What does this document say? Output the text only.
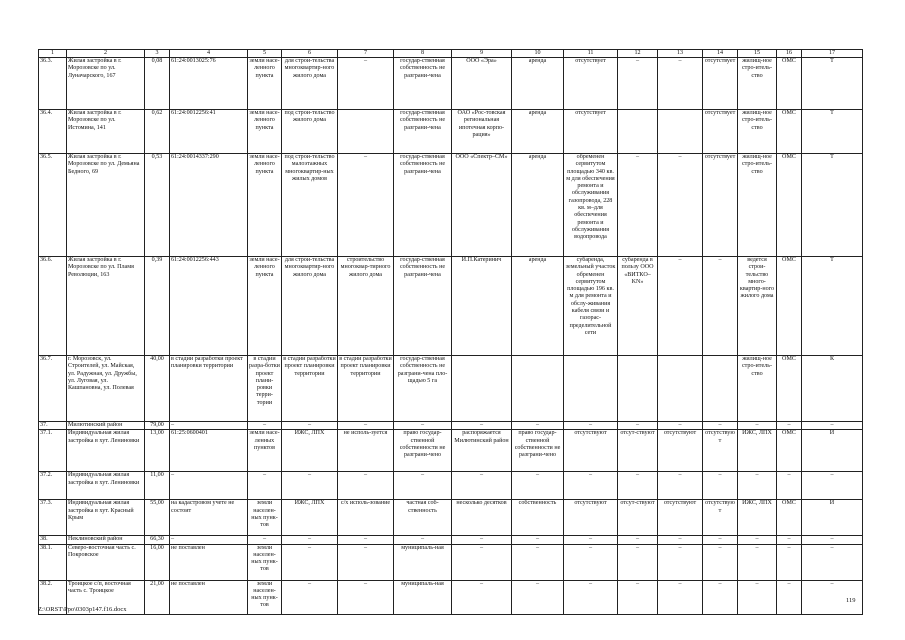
1	2	3	4	5	6	7	8	9	10	11	12	13	14	15	16	17
36.3.	Жилая застройка в г. Морозовске по ул. Луначарского, 167	0,08	61:24:0013025:76	земли насе-ленного пункта	для строи-тельства многоквартир-ного жилого дома	–	государ-ственная собственность не разграни-чена	ООО «Эра»	аренда	отсутствует	–	–	отсутствует	жилищ-ное стро-итель-ство	ОМС	Т
36.4.	Жилая застройка в г. Морозовске по ул. Истомина, 141	0,62	61:24:0012256:41	земли насе-ленного пункта	под строи-тельство жилого дома		государ-ственная собственность не разграни-чена	ОАО «Рос-товская региональная ипотечная корпо-рация»	аренда	отсутствует			отсутствует	жилищ-ное стро-итель-ство	ОМС	Т
36.5.	Жилая застройка в г. Морозовске по ул. Демьяна Бедного, 69	0,53	61:24:0014337:290	земли насе-ленного пункта	под строи-тельство малоэтажных многоквартир-ных жилых домов	–	государ-ственная собственность не разграни-чена	ООО «Спектр–СМ»	аренда	обременен сервитутом площадью 340 кв. м для обеспечения ремонта и обслуживания газопровода, 228 кв. м–для обеспечения ремонта и обслуживания водопровода	–	–	отсутствует	жилищ-ное стро-итель-ство	ОМС	Т
36.6.	Жилая застройка в г. Морозовске по ул. Пламя Революции, 163	0,39	61:24:0012256:443	земли насе-ленного пункта	для строи-тельства многоквартир-ного жилого дома	строительство многоквар-тирного жилого дома	государ-ственная собственность не разграни-чена	И.П.Катеринич	аренда	субаренда, земельный участок обременен сервитутом площадью 196 кв. м для ремонта и обслу-живания кабеля связи и газорас-пределительной сети	субаренда в пользу ООО «ВИТКО–KN»	–	–	ведется строи-тельство много-квартир-ного жилого дома	ОМС	Т
36.7.	г. Морозовск, ул. Строителей, ул. Майская, ул. Радужная, ул. Дружбы, ул. Луговая, ул. Кашпановна, ул. Полевая	40,00	в стадии разработки проект планировки территории	в стадии разра-ботки проект плани-ровки терри-тории	в стадии разработки проект планировки территории	в стадии разработки проект планировки территории	государ-ственная собственность не разграни-чена пло-щадью 5 га							жилищ-ное стро-итель-ство	ОМС	К
37.	Милютинский район	79,00	–	–	–	–	–	–	–	–	–	–	–	–	–	–
37.1.	Индивидуальная жилая застройка в хут. Лениновки	13,00	61:25:0600401	земли насе-ленных пунктов	ИЖС, ЛПХ	не исполь-зуется	право государ-ственной собственности не разграни-чено	распоряжается Милютинский район	право государ-ственной собственности не разграни-чено	отсутствуют	отсут-ствуют	отсутствуют	отсутствуют	ИЖС, ЛПХ	ОМС	И
37.2.	Индивидуальная жилая застройка в хут. Лениновки	11,00	–	–	–	–	–	–	–	–	–	–	–	–	–	–
37.3.	Индивидуальная жилая застройка в хут. Красный Крым	55,00	на кадастровом учете не состоит	земли населен-ных пунк-тов	ИЖС, ЛПХ	с/х исполь-зование	частная соб-ственность	несколько десятков	собственность	отсутствуют	отсут-ствуют	отсутствуют	отсутствуют	ИЖС, ЛПХ	ОМС	И
38.	Неклиновский район	66,30	–	–	–	–	–	–	–	–	–	–	–	–	–	–
38.1.	Северо-восточная часть с. Покровское	16,00	не поставлен	земли населен-ных пунк-тов	–	–	муниципаль-ная	–	–	–	–	–	–	–	–	–
38.2.	Троицкое с/п, восточная часть с. Троицкое	21,00	не поставлен	земли населен-ных пунк-тов	–	–	муниципаль-ная	–	–	–	–	–	–	–	–	–
Z:\ORST\Ppo\0303p147.f16.docx
119
